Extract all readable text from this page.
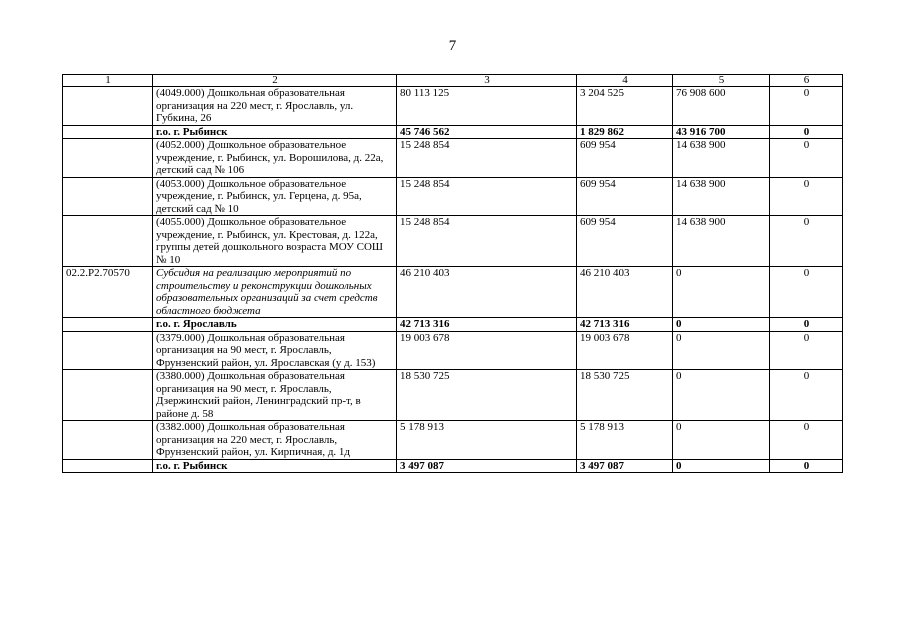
7
1	2	3	4	5	6
	(4049.000) Дошкольная образовательная организация на 220 мест, г. Ярославль, ул. Губкина, 26	80 113 125	3 204 525	76 908 600	0
	г.о. г. Рыбинск	45 746 562	1 829 862	43 916 700	0
	(4052.000) Дошкольное образовательное учреждение, г. Рыбинск, ул. Ворошилова, д. 22а, детский сад № 106	15 248 854	609 954	14 638 900	0
	(4053.000) Дошкольное образовательное учреждение, г. Рыбинск, ул. Герцена, д. 95а, детский сад № 10	15 248 854	609 954	14 638 900	0
	(4055.000) Дошкольное образовательное учреждение, г. Рыбинск, ул. Крестовая, д. 122а, группы детей дошкольного возраста МОУ СОШ № 10	15 248 854	609 954	14 638 900	0
02.2.P2.70570	Субсидия на реализацию мероприятий по строительству и реконструкции дошкольных образовательных организаций за счет средств областного бюджета	46 210 403	46 210 403	0	0
	г.о. г. Ярославль	42 713 316	42 713 316	0	0
	(3379.000) Дошкольная образовательная организация на 90 мест, г. Ярославль, Фрунзенский район, ул. Ярославская (у д. 153)	19 003 678	19 003 678	0	0
	(3380.000) Дошкольная образовательная организация на 90 мест, г. Ярославль, Дзержинский район, Ленинградский пр-т, в районе д. 58	18 530 725	18 530 725	0	0
	(3382.000) Дошкольная образовательная организация на 220 мест, г. Ярославль, Фрунзенский район, ул. Кирпичная, д. 1д	5 178 913	5 178 913	0	0
	г.о. г. Рыбинск	3 497 087	3 497 087	0	0
